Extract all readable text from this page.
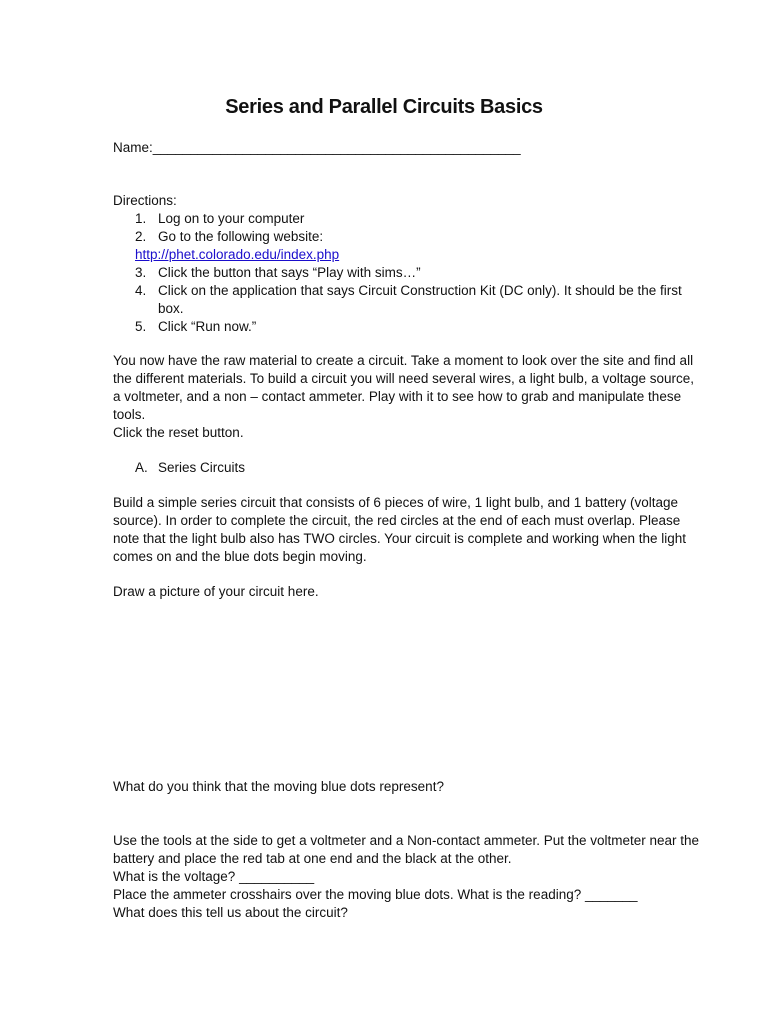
Series and Parallel Circuits Basics
Name:_________________________________________________
Directions:
1. Log on to your computer
2. Go to the following website:
http://phet.colorado.edu/index.php
3. Click the button that says “Play with sims…”
4. Click on the application that says Circuit Construction Kit (DC only). It should be the first
box.
5. Click “Run now.”
You now have the raw material to create a circuit. Take a moment to look over the site and find all
the different materials. To build a circuit you will need several wires, a light bulb, a voltage source,
a voltmeter, and a non – contact ammeter. Play with it to see how to grab and manipulate these
tools.
Click the reset button.
A. Series Circuits
Build a simple series circuit that consists of 6 pieces of wire, 1 light bulb, and 1 battery (voltage
source). In order to complete the circuit, the red circles at the end of each must overlap. Please
note that the light bulb also has TWO circles. Your circuit is complete and working when the light
comes on and the blue dots begin moving.
Draw a picture of your circuit here.
What do you think that the moving blue dots represent?
Use the tools at the side to get a voltmeter and a Non-contact ammeter. Put the voltmeter near the
battery and place the red tab at one end and the black at the other.
What is the voltage? __________
Place the ammeter crosshairs over the moving blue dots. What is the reading? _______
What does this tell us about the circuit?
